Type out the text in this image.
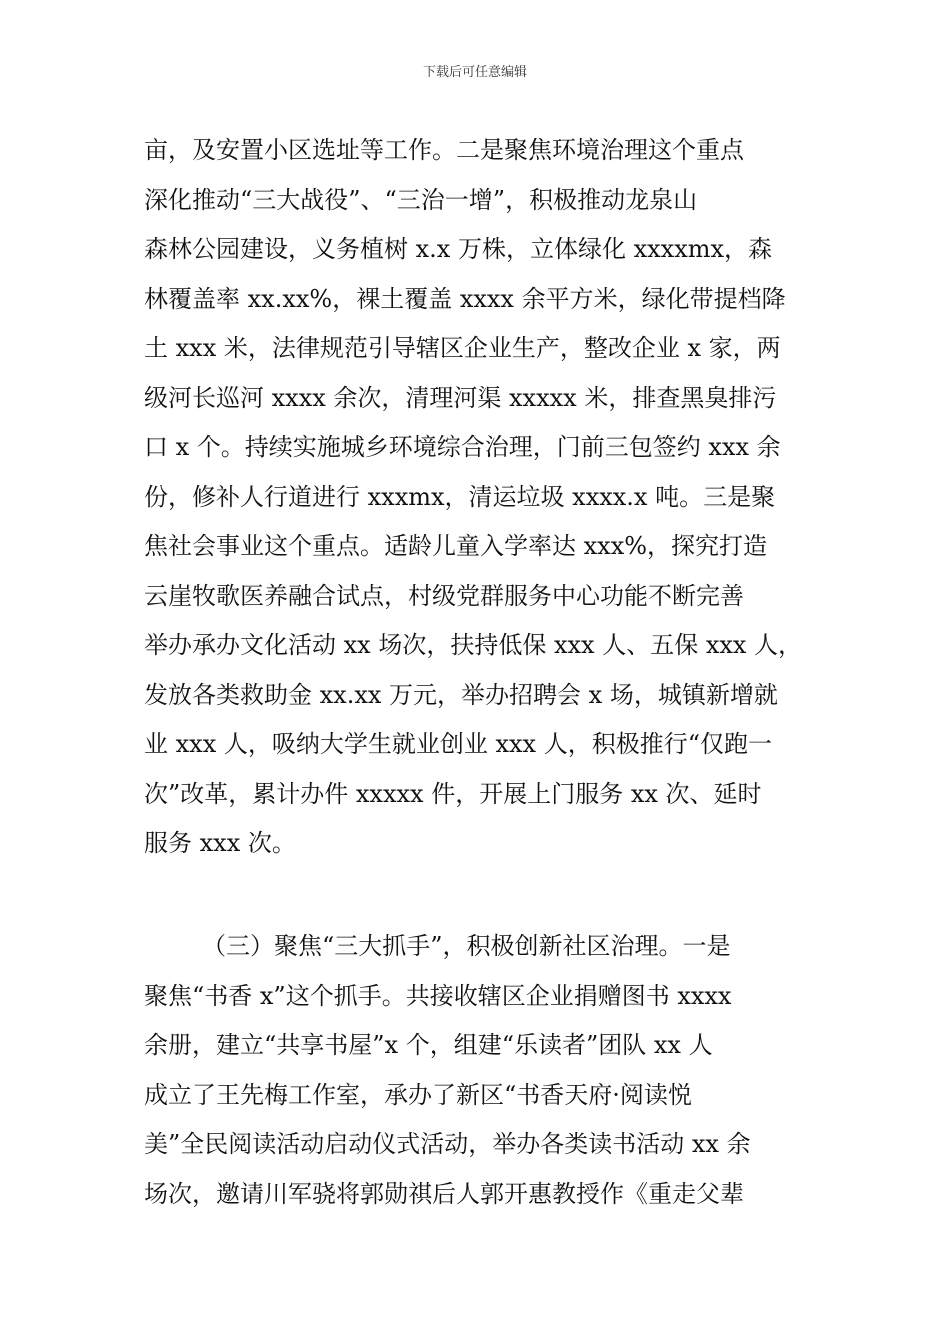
下载后可任意编辑
亩，及安置小区选址等工作。二是聚焦环境治理这个重点
深化推动“三大战役”、“三治一增”，积极推动龙泉山
森林公园建设，义务植树 x.x 万株，立体绿化 xxxxmx，森
林覆盖率 xx.xx%，裸土覆盖 xxxx 余平方米，绿化带提档降
土 xxx 米，法律规范引导辖区企业生产，整改企业 x 家，两
级河长巡河 xxxx 余次，清理河渠 xxxxx 米，排查黑臭排污
口 x 个。持续实施城乡环境综合治理，门前三包签约 xxx 余
份，修补人行道进行 xxxmx，清运垃圾 xxxx.x 吨。三是聚
焦社会事业这个重点。适龄儿童入学率达 xxx%，探究打造
云崖牧歌医养融合试点，村级党群服务中心功能不断完善
举办承办文化活动 xx 场次，扶持低保 xxx 人、五保 xxx 人，
发放各类救助金 xx.xx 万元，举办招聘会 x 场，城镇新增就
业 xxx 人，吸纳大学生就业创业 xxx 人，积极推行“仅跑一
次”改革，累计办件 xxxxx 件，开展上门服务 xx 次、延时
服务 xxx 次。
（三）聚焦“三大抓手”，积极创新社区治理。一是
聚焦“书香 x”这个抓手。共接收辖区企业捐赠图书 xxxx
余册，建立“共享书屋”x 个，组建“乐读者”团队 xx 人
成立了王先梅工作室，承办了新区“书香天府·阅读悦
美”全民阅读活动启动仪式活动，举办各类读书活动 xx 余
场次，邀请川军骁将郭勋祺后人郭开惠教授作《重走父辈
